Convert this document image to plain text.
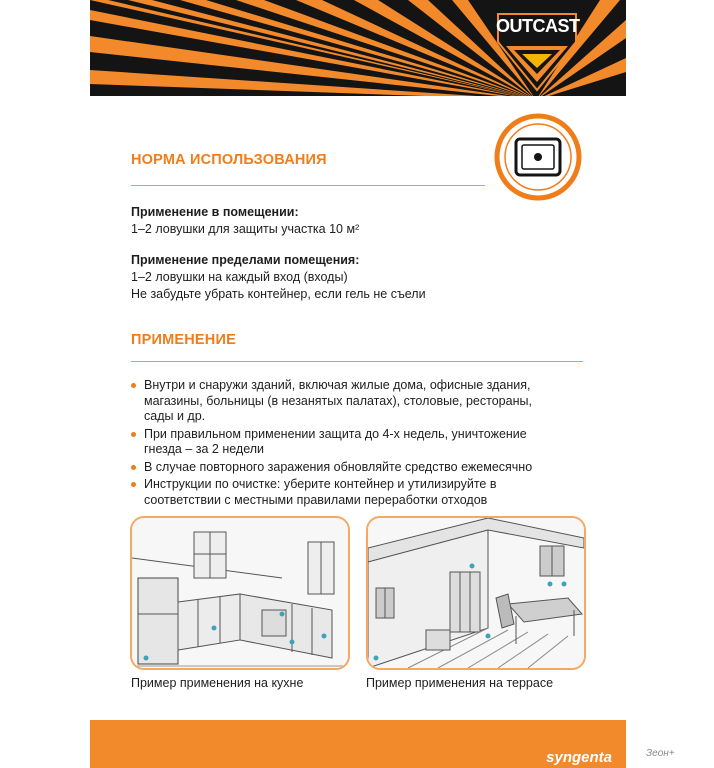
OUTCAST
НОРМА ИСПОЛЬЗОВАНИЯ

Применение в помещении:

1–2 ловушки для защиты участка 10 м²

Применение пределами помещения:

1–2 ловушки на каждый вход (входы)

Не забудьте убрать контейнер, если гель не съели

ПРИМЕНЕНИЕ
Внутри и снаружи зданий, включая жилые дома, офисные здания, магазины, больницы (в незанятых палатах), столовые, рестораны, сады и др.
При правильном применении защита до 4-х недель, уничтожение гнезда – за 2 недели
В случае повторного заражения обновляйте средство ежемесячно
Инструкции по очистке: уберите контейнер и утилизируйте в соответствии с местными правилами переработки отходов
Пример применения на кухне	Пример применения на террасе
syngenta	Зеон+
